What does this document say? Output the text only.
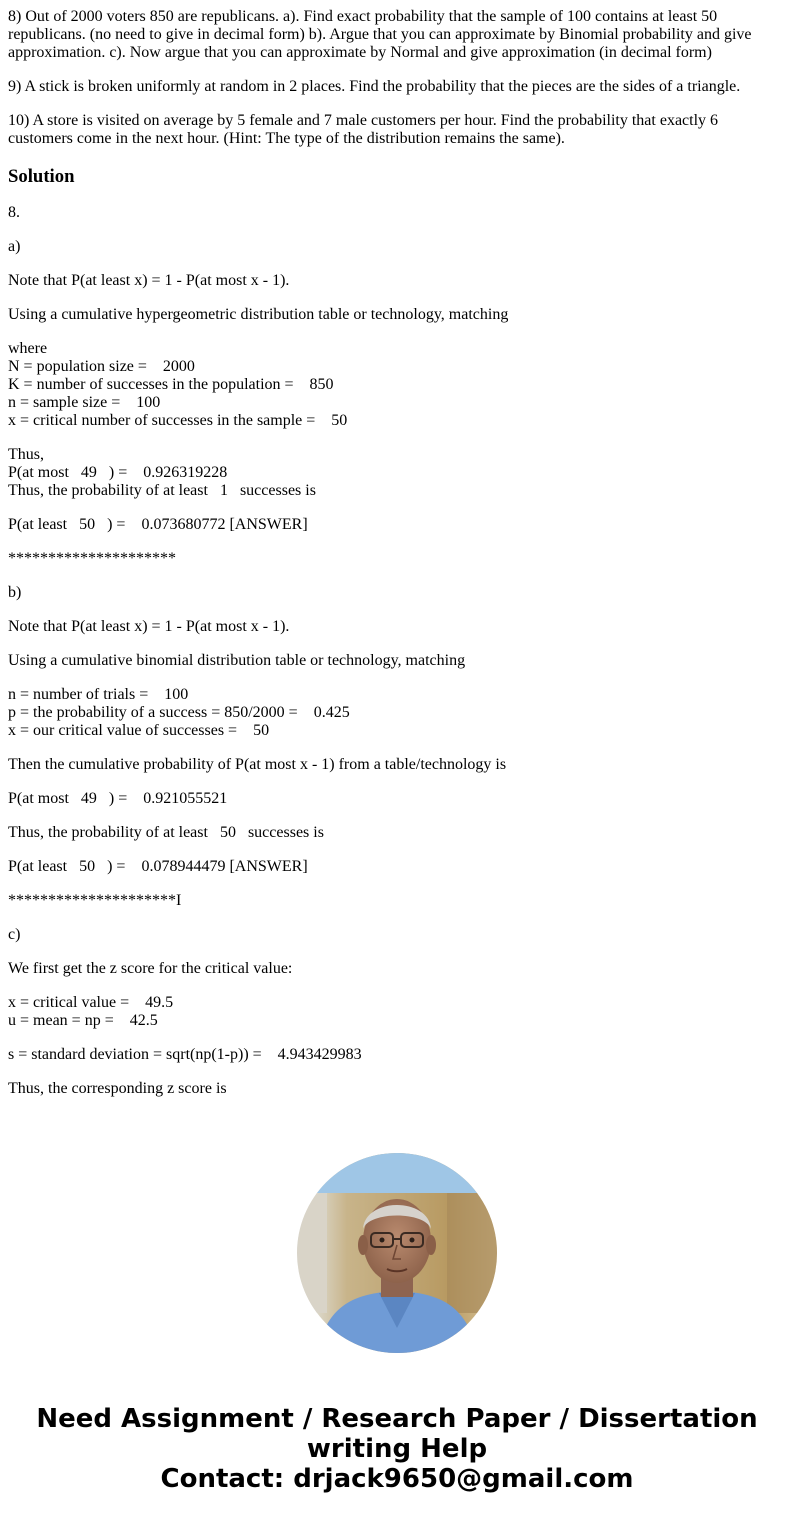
8) Out of 2000 voters 850 are republicans. a). Find exact probability that the sample of 100 contains at least 50 republicans. (no need to give in decimal form) b). Argue that you can approximate by Binomial probability and give approximation. c). Now argue that you can approximate by Normal and give approximation (in decimal form)

9) A stick is broken uniformly at random in 2 places. Find the probability that the pieces are the sides of a triangle.

10) A store is visited on average by 5 female and 7 male customers per hour. Find the probability that exactly 6 customers come in the next hour. (Hint: The type of the distribution remains the same).

Solution

8.

a)

Note that P(at least x) = 1 - P(at most x - 1).

Using a cumulative hypergeometric distribution table or technology, matching

where
N = population size =    2000
K = number of successes in the population =    850
n = sample size =    100
x = critical number of successes in the sample =    50
Thus,
P(at most   49   ) =    0.926319228
Thus, the probability of at least   1   successes is

P(at least   50   ) =    0.073680772 [ANSWER]

*********************

b)

Note that P(at least x) = 1 - P(at most x - 1).

Using a cumulative binomial distribution table or technology, matching

n = number of trials =    100
p = the probability of a success = 850/2000 =    0.425
x = our critical value of successes =    50

Then the cumulative probability of P(at most x - 1) from a table/technology is

P(at most   49   ) =    0.921055521

Thus, the probability of at least   50   successes is

P(at least   50   ) =    0.078944479 [ANSWER]

*********************I

c)

We first get the z score for the critical value:

x = critical value =    49.5
u = mean = np =    42.5

s = standard deviation = sqrt(np(1-p)) =    4.943429983

Thus, the corresponding z score is

Need Assignment / Research Paper / Dissertation
writing Help
Contact: drjack9650@gmail.com
